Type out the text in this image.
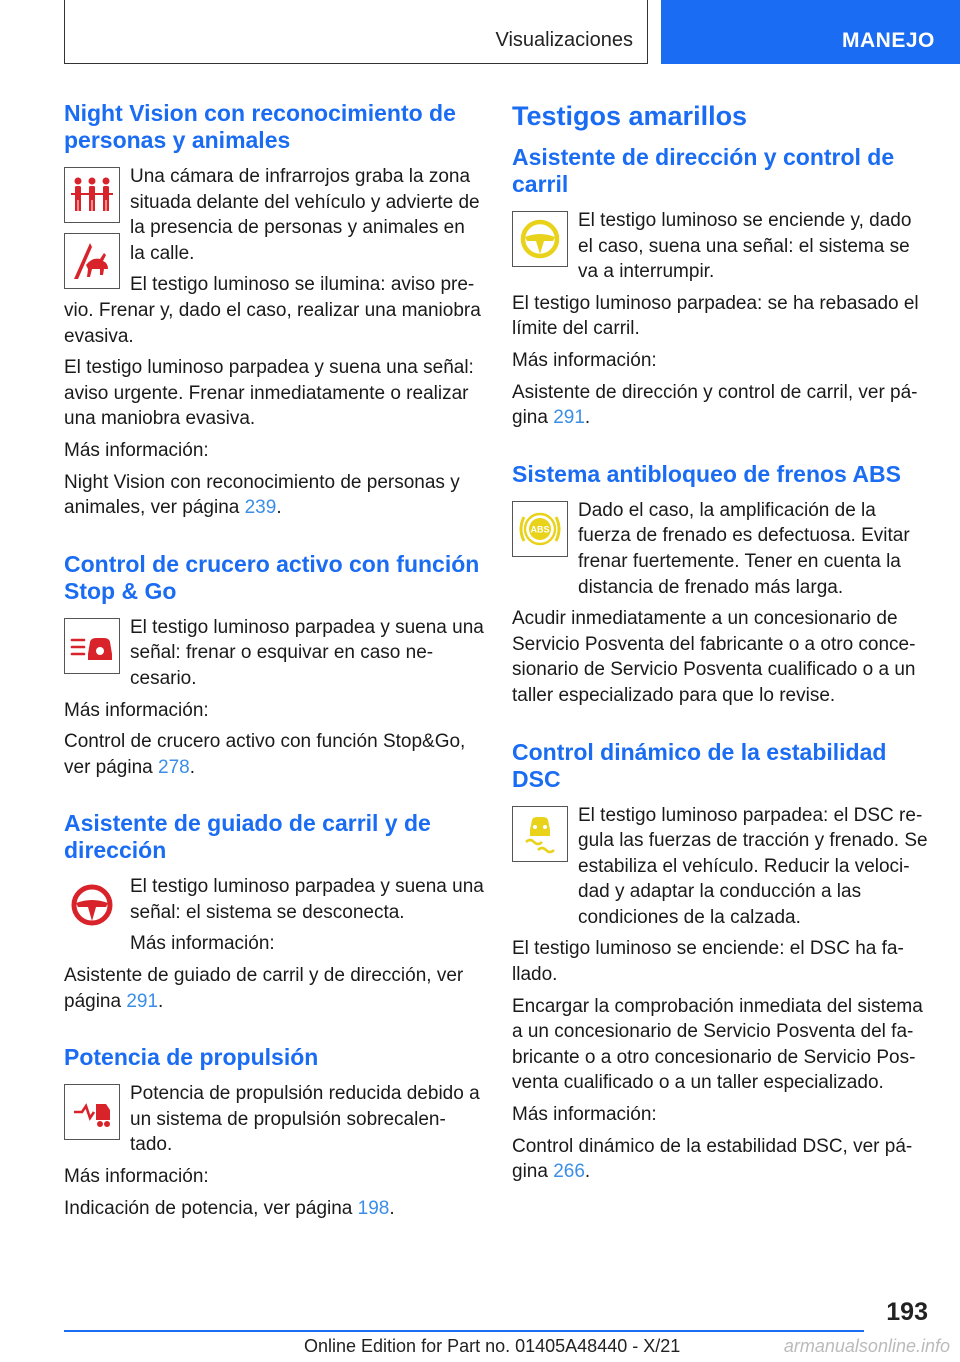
Visualizaciones	MANEJO
Night Vision con reconocimiento de personas y animales

Una cámara de infrarrojos graba la zona situada delante del vehículo y advierte de la presencia de personas y animales en la calle.

El testigo luminoso se ilumina: aviso pre-

vio. Frenar y, dado el caso, realizar una maniobra evasiva.

El testigo luminoso parpadea y suena una señal: aviso urgente. Frenar inmediatamente o realizar una maniobra evasiva.

Más información:

Night Vision con reconocimiento de personas y animales, ver página 239.

Control de crucero activo con función Stop & Go

El testigo luminoso parpadea y suena una señal: frenar o esquivar en caso ne-cesario.

Más información:

Control de crucero activo con función Stop&Go, ver página 278.

Asistente de guiado de carril y de dirección

El testigo luminoso parpadea y suena una señal: el sistema se desconecta.

Más información:

Asistente de guiado de carril y de dirección, ver página 291.

Potencia de propulsión

Potencia de propulsión reducida debido a un sistema de propulsión sobrecalen-tado.

Más información:

Indicación de potencia, ver página 198.

Testigos amarillos
Asistente de dirección y control de carril

El testigo luminoso se enciende y, dado el caso, suena una señal: el sistema se va a interrumpir.

El testigo luminoso parpadea: se ha rebasado el límite del carril.

Más información:

Asistente de dirección y control de carril, ver pá-gina 291.

Sistema antibloqueo de frenos ABS
ABS

Dado el caso, la amplificación de la fuerza de frenado es defectuosa. Evitar frenar fuertemente. Tener en cuenta la distancia de frenado más larga.

Acudir inmediatamente a un concesionario de Servicio Posventa del fabricante o a otro conce-sionario de Servicio Posventa cualificado o a un taller especializado para que lo revise.

Control dinámico de la estabilidad DSC

El testigo luminoso parpadea: el DSC re-gula las fuerzas de tracción y frenado. Se estabiliza el vehículo. Reducir la veloci-dad y adaptar la conducción a las condiciones de la calzada.

El testigo luminoso se enciende: el DSC ha fa-llado.

Encargar la comprobación inmediata del sistema a un concesionario de Servicio Posventa del fa-bricante o a otro concesionario de Servicio Pos-venta cualificado o a un taller especializado.

Más información:

Control dinámico de la estabilidad DSC, ver pá-gina 266.

193
Online Edition for Part no. 01405A48440 - X/21	armanualsonline.info
